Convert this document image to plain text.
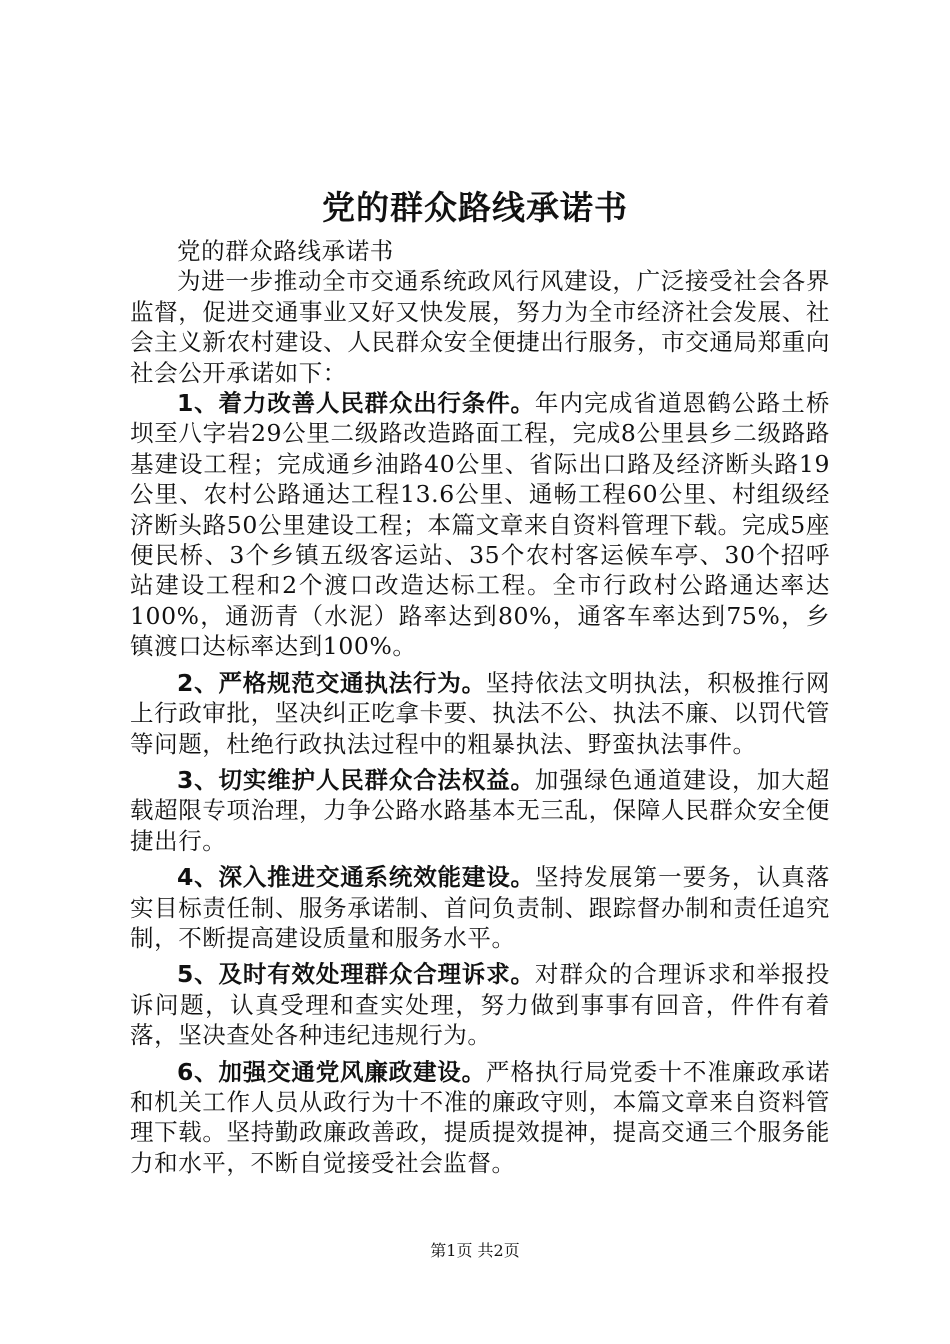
党的群众路线承诺书

党的群众路线承诺书

为进一步推动全市交通系统政风行风建设，广泛接受社会各界监督，促进交通事业又好又快发展，努力为全市经济社会发展、社会主义新农村建设、人民群众安全便捷出行服务，市交通局郑重向社会公开承诺如下：

1、着力改善人民群众出行条件。年内完成省道恩鹤公路土桥坝至八字岩29公里二级路改造路面工程，完成8公里县乡二级路路基建设工程；完成通乡油路40公里、省际出口路及经济断头路19公里、农村公路通达工程13.6公里、通畅工程60公里、村组级经济断头路50公里建设工程；本篇文章来自资料管理下载。完成5座便民桥、3个乡镇五级客运站、35个农村客运候车亭、30个招呼站建设工程和2个渡口改造达标工程。全市行政村公路通达率达100%，通沥青（水泥）路率达到80%，通客车率达到75%，乡镇渡口达标率达到100%。

2、严格规范交通执法行为。坚持依法文明执法，积极推行网上行政审批，坚决纠正吃拿卡要、执法不公、执法不廉、以罚代管等问题，杜绝行政执法过程中的粗暴执法、野蛮执法事件。

3、切实维护人民群众合法权益。加强绿色通道建设，加大超载超限专项治理，力争公路水路基本无三乱，保障人民群众安全便捷出行。

4、深入推进交通系统效能建设。坚持发展第一要务，认真落实目标责任制、服务承诺制、首问负责制、跟踪督办制和责任追究制，不断提高建设质量和服务水平。

5、及时有效处理群众合理诉求。对群众的合理诉求和举报投诉问题，认真受理和查实处理，努力做到事事有回音，件件有着落，坚决查处各种违纪违规行为。

6、加强交通党风廉政建设。严格执行局党委十不准廉政承诺和机关工作人员从政行为十不准的廉政守则，本篇文章来自资料管理下载。坚持勤政廉政善政，提质提效提神，提高交通三个服务能力和水平，不断自觉接受社会监督。

第1页 共2页
